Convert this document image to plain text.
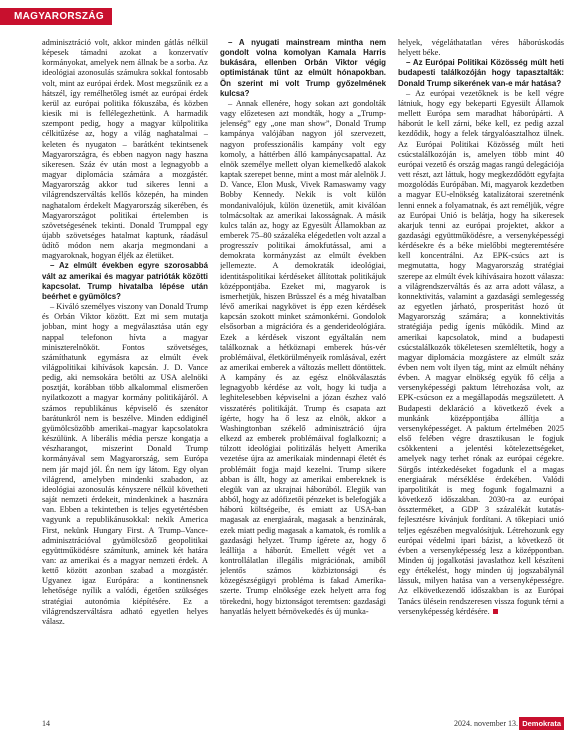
MAGYARORSZÁG

adminisztráció volt, akkor minden gátlás nélkül képesek támadni azokat a konzervatív kormányokat, amelyek nem állnak be a sorba. Az ideológiai azonosulás számukra sokkal fontosabb volt, mint az európai érdek. Most megszűnik ez a hátszél, így remélhetőleg ismét az európai érdek kerül az európai politika fókuszába, és közben kiesik mi is fellélegezhetünk. A harmadik szempont pedig, hogy a magyar külpolitika célkitűzése az, hogy a világ naghatalmai – keleten és nyugaton – barátként tekintsenek Magyarországra, és ebben nagyon nagy haszna sikeresen. Száz év után most a legnagyobb a magyar diplomácia számára a mozgástér. Magyarország akkor tud sikeres lenni a világrendszerváltás kellős közepén, ha minden naghatalom érdekelt Magyarország sikerében, és Magyarországot politikai értelemben is szövetségesének tekinti. Donald Trumppal egy újabb szövetséges hatalmat kaptunk, ráadásul üdítő módon nem akarja megmondani a magyaroknak, hogyan éljék az életüket.

– Az elmúlt években egyre szorosabbá vált az amerikai és magyar patrióták közötti kapcsolat. Trump hivatalba lépése után beérhet e gyümölcs?

– Kiváló személyes viszony van Donald Trump és Orbán Viktor között. Ezt mi sem mutatja jobban, mint hogy a megválasztása után egy nappal telefonon hívta a magyar miniszterelnököt. Fontos szövetséges, számíthatunk egymásra az elmúlt évek világpolitikai kihívások kapcsán. J. D. Vance pedig, aki nemsokára betölti az USA alelnöki posztját, korábban több alkalommal elismerően nyilatkozott a magyar kormány politikájáról. A számos republikánus képviselő és szenátor barátunkról nem is beszélve. Minden eddiginél gyümölcsözőbb amerikai–magyar kapcsolatokra készülünk. A liberális média persze kongatja a vészharangot, miszerint Donald Trump kormányával sem Magyarország, sem Európa nem jár majd jól. Én nem így látom. Egy olyan világrend, amelyben mindenki szabadon, az ideológiai azonosulás kényszere nélkül követheti saját nemzeti érdekeit, mindenkinek a hasznára van. Ebben a tekintetben is teljes egyetértésben vagyunk a republikánusokkal: nekik America First, nekünk Hungary First. A Trump–Vance-adminisztrációval gyümölcsöző geopolitikai együttműködésre számítunk, aminek két határa van: az amerikai és a magyar nemzeti érdek. A kettő között azonban szabad a mozgástér. Ugyanez igaz Európára: a kontinensnek lehetősége nyílik a valódi, égetően szükséges stratégiai autonómia kiépítésére. Ez a világrendszerváltásra adható egyetlen helyes válasz.

– A nyugati mainstream mintha nem gondolt volna komolyan Kamala Harris bukására, ellenben Orbán Viktor végig optimistának tűnt az elmúlt hónapokban. Ön szerint mi volt Trump győzelmének kulcsa?

– Annak ellenére, hogy sokan azt gondolták vagy előzetesen azt mondták, hogy a „Trump-jelenség” egy „one man show”, Donald Trump kampánya valójában nagyon jól szervezett, nagyon professzionális kampány volt egy komoly, a háttérben álló kampánycsapattal. Az elnök személye mellett olyan kiemelkedő alakok kaptak szerepet benne, mint a most már alelnök J. D. Vance, Elon Musk, Vivek Ramaswamy vagy Bobby Kennedy. Nekik is volt külön mondanivalójuk, külön üzenetük, amit kiválóan tolmácsoltak az amerikai lakosságnak. A másik kulcs talán az, hogy az Egyesült Államokban az emberek 75–80 százaléka elégedetlen volt azzal a progresszív politikai ámokfutással, ami a demokrata kormányzást az elmúlt években jellemezte. A demokraták ideológiai, identitáspolitikai kérdéseket állítottak politikájuk középpontjába. Ezeket mi, magyarok is ismerhetjük, hiszen Brüsszel és a még hivatalban lévő amerikai nagykövet is épp ezen kérdések kapcsán szokott minket számonkérni. Gondolok elsősorban a migrációra és a genderideológiára. Ezek a kérdések viszont egyáltalán nem találkoznak a hétköznapi emberek hús-vér problémáival, életkörülményeik romlásával, ezért az amerikai emberek a változás mellett döntöttek. A kampány és az egész elnökválasztás legnagyobb kérdése az volt, hogy ki tudja a leghitelesebben képviselni a józan észhez való visszatérés politikáját. Trump és csapata azt ígérte, hogy ha ő lesz az elnök, akkor a Washingtonban székelő adminisztráció újra elkezd az emberek problémáival foglalkozni; a túlzott ideológiai politizálás helyett Amerika vezetése újra az amerikaiak mindennapi életét és problémáit fogja majd kezelni. Trump sikere abban is állt, hogy az amerikai embereknek is elegük van az ukrajnai háborúból. Elegük van abból, hogy az adófizetői pénzeket is belefogják a háború költségeibe, és emiatt az USA-ban magasak az energiaárak, magasak a benzinárak, ezek miatt pedig magasak a kamatok, és romlik a gazdasági helyzet. Trump ígérete az, hogy ő leállítja a háborút. Emellett végét vet a kontrollálatlan illegális migrációnak, amiből jelentős számos közbiztonsági és közegészségügyi probléma is fakad Amerika-szerte. Trump elnöksége ezek helyett arra fog törekedni, hogy biztonságot teremtsen: gazdasági hanyatlás helyett bérnövekedés és új munka-

helyek, végeláthatatlan véres háborúskodás helyett béke.

– Az Európai Politikai Közösség múlt heti budapesti találkozóján hogy tapasztalták: Donald Trump sikerének van-e már hatása?

– Az európai vezetőknek is be kell végre látniuk, hogy egy bekeparti Egyesült Államok mellett Európa sem maradhat háborúpárti. A háborút le kell zárni, béke kell, ez pedig azzal kezdődik, hogy a felek tárgyalóasztalhoz ülnek. Az Európai Politikai Közösség múlt heti csúcstalálkozóján is, amelyen több mint 40 európai vezető és ország magas rangú delegációja vett részt, azt láttuk, hogy megkezdődött egyfajta mozgolódás Európában. Mi, magyarok kezdetben a magyar EU-elnökség katalizátorai szeretnénk lenni ennek a folyamatnak, és azt reméljük, végre az Európai Unió is belátja, hogy ha sikeresek akarjuk tenni az európai projektet, akkor a gazdasági együttműködésre, a versenyképességi kérdésekre és a béke mielőbbi megteremtésére kell koncentrálni. Az EPK-csúcs azt is megmutatta, hogy Magyarország stratégiai szerepe az elmúlt évek kihívásaira hozott válasza: a világrendszerváltás és az arra adott válasz, a konnektivitás, valamint a gazdasági semlegesség az egyetlen járható, prosperitást hozó út Magyarország számára; a konnektivitás stratégiája pedig ígenis működik. Mind az amerikai kapcsolatok, mind a budapesti csúcstalálkozók tökéletesen szemléltetik, hogy a magyar diplomácia mozgástere az elmúlt száz évben nem volt ilyen tág, mint az elmúlt néhány évben. A magyar elnökség együk fő célja a versenyképességi paktum létrehozása volt, az EPK-csúcson ez a megállapodás megszületett. A Budapesti deklaráció a következő évek a munkánk középpontjába állítja a versenyképességet. A paktum értelmében 2025 első felében végre drasztikusan le fogjuk csökkenteni a jelentési kötelezettségeket, amelyek nagy terhet rónak az európai cégekre. Sürgős intézkedéseket fogadunk el a magas energiaárak mérséklése érdekében. Valódi iparpolitikát is meg fogunk fogalmazni a következő időszakban. 2030-ra az európai összterméket, a GDP 3 százalékát kutatás-fejlesztésre kívánjuk fordítani. A tőkepiaci unió teljes egészében megvalósítjuk. Létrehozunk egy európai védelmi ipari bázist, a következő öt évben a versenyképesség lesz a középpontban. Minden új jogalkotási javaslathoz kell készíteni egy értékelést, hogy minden új jogszabálynál lássuk, milyen hatása van a versenyképességre. Az elkövetkezendő időszakban is az Európai Tanács ülésein rendszeresen vissza fogunk térni a versenyképesség kérdésére.

14	2024. november 13. Demokrata
